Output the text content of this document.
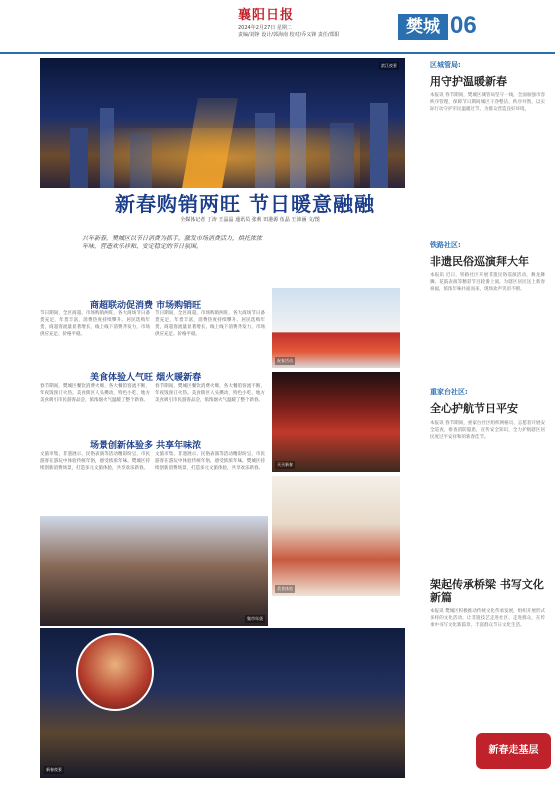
襄阳日报
2024年2月27日 星期二
责编/刘铮 设计/郭海南 校对/乔义锋 责任/郑阳	樊城 06
滨江夜景
新春购销两旺 节日暖意融融
全媒体记者 丁涛 王晶晶 通讯员 张莉 田港源 伍晶 王沛涵 文/图
兴年新春，樊城区以节日消费为抓手，激发市场消费活力，烘托浓浓年味，营造欢乐祥和、安定稳定的节日氛围。
商超联动促消费 市场购销旺
节日期间，全区商超、市场购销两旺，各大商场节日备货充足，年货丰富，消费热度持续攀升。居民选购年货，商超客流量显著增长，线上线下消费齐发力，市场供应充足、价格平稳。
节日期间，全区商超、市场购销两旺，各大商场节日备货充足，年货丰富，消费热度持续攀升。居民选购年货，商超客流量显著增长，线上线下消费齐发力，市场供应充足、价格平稳。
美食体验人气旺 烟火暖新春
春节期间，樊城区餐饮消费火爆，各大餐馆客流不断，年夜饭预订火热。美食街区人头攒动，特色小吃、地方美食吸引市民游客品尝，浓浓烟火气温暖了整个新春。
春节期间，樊城区餐饮消费火爆，各大餐馆客流不断，年夜饭预订火热。美食街区人头攒动，特色小吃、地方美食吸引市民游客品尝，浓浓烟火气温暖了整个新春。
场景创新体验多 共享年味浓
文旅市集、非遗展示、民俗表演等活动精彩纷呈，市民游客在游玩中体验传统年俗，感受浓浓年味。樊城区持续创新消费场景，打造多元文旅体验，共享欢乐新春。
文旅市集、非遗展示、民俗表演等活动精彩纷呈，市民游客在游玩中体验传统年俗，感受浓浓年味。樊城区持续创新消费场景，打造多元文旅体验，共享欢乐新春。
祝春活动
买买新春
美食体验
集市年货
新春夜景
区城管局:
用守护温暖新春
本报讯 春节期间，樊城区城管局坚守一线，全面加强市容秩序管理，保障节日期间城区干净整洁、秩序井然，以实际行动守护市民温暖过节，为群众营造良好环境。
铁路社区:
非遗民俗巡演拜大年
本报讯 近日，铁路社区开展非遗民俗巡演活动，舞龙舞狮、花鼓表演等精彩节目轮番上演，为辖区居民送上新春祝福，浓浓年味扑面而来，现场欢声笑语不断。
重家台社区:
全心护航节日平安
本报讯 春节期间，重家台社区组织网格员、志愿者开展安全巡查，排查消防隐患，宣传安全知识，全力护航辖区居民度过平安祥和的新春佳节。
架起传承桥梁 书写文化新篇
本报讯 樊城区积极推动传统文化传承发展，组织开展形式多样的文化活动，让非遗技艺走进社区、走进群众，在传承中书写文化新篇章，丰富群众节日文化生活。
新春走基层
